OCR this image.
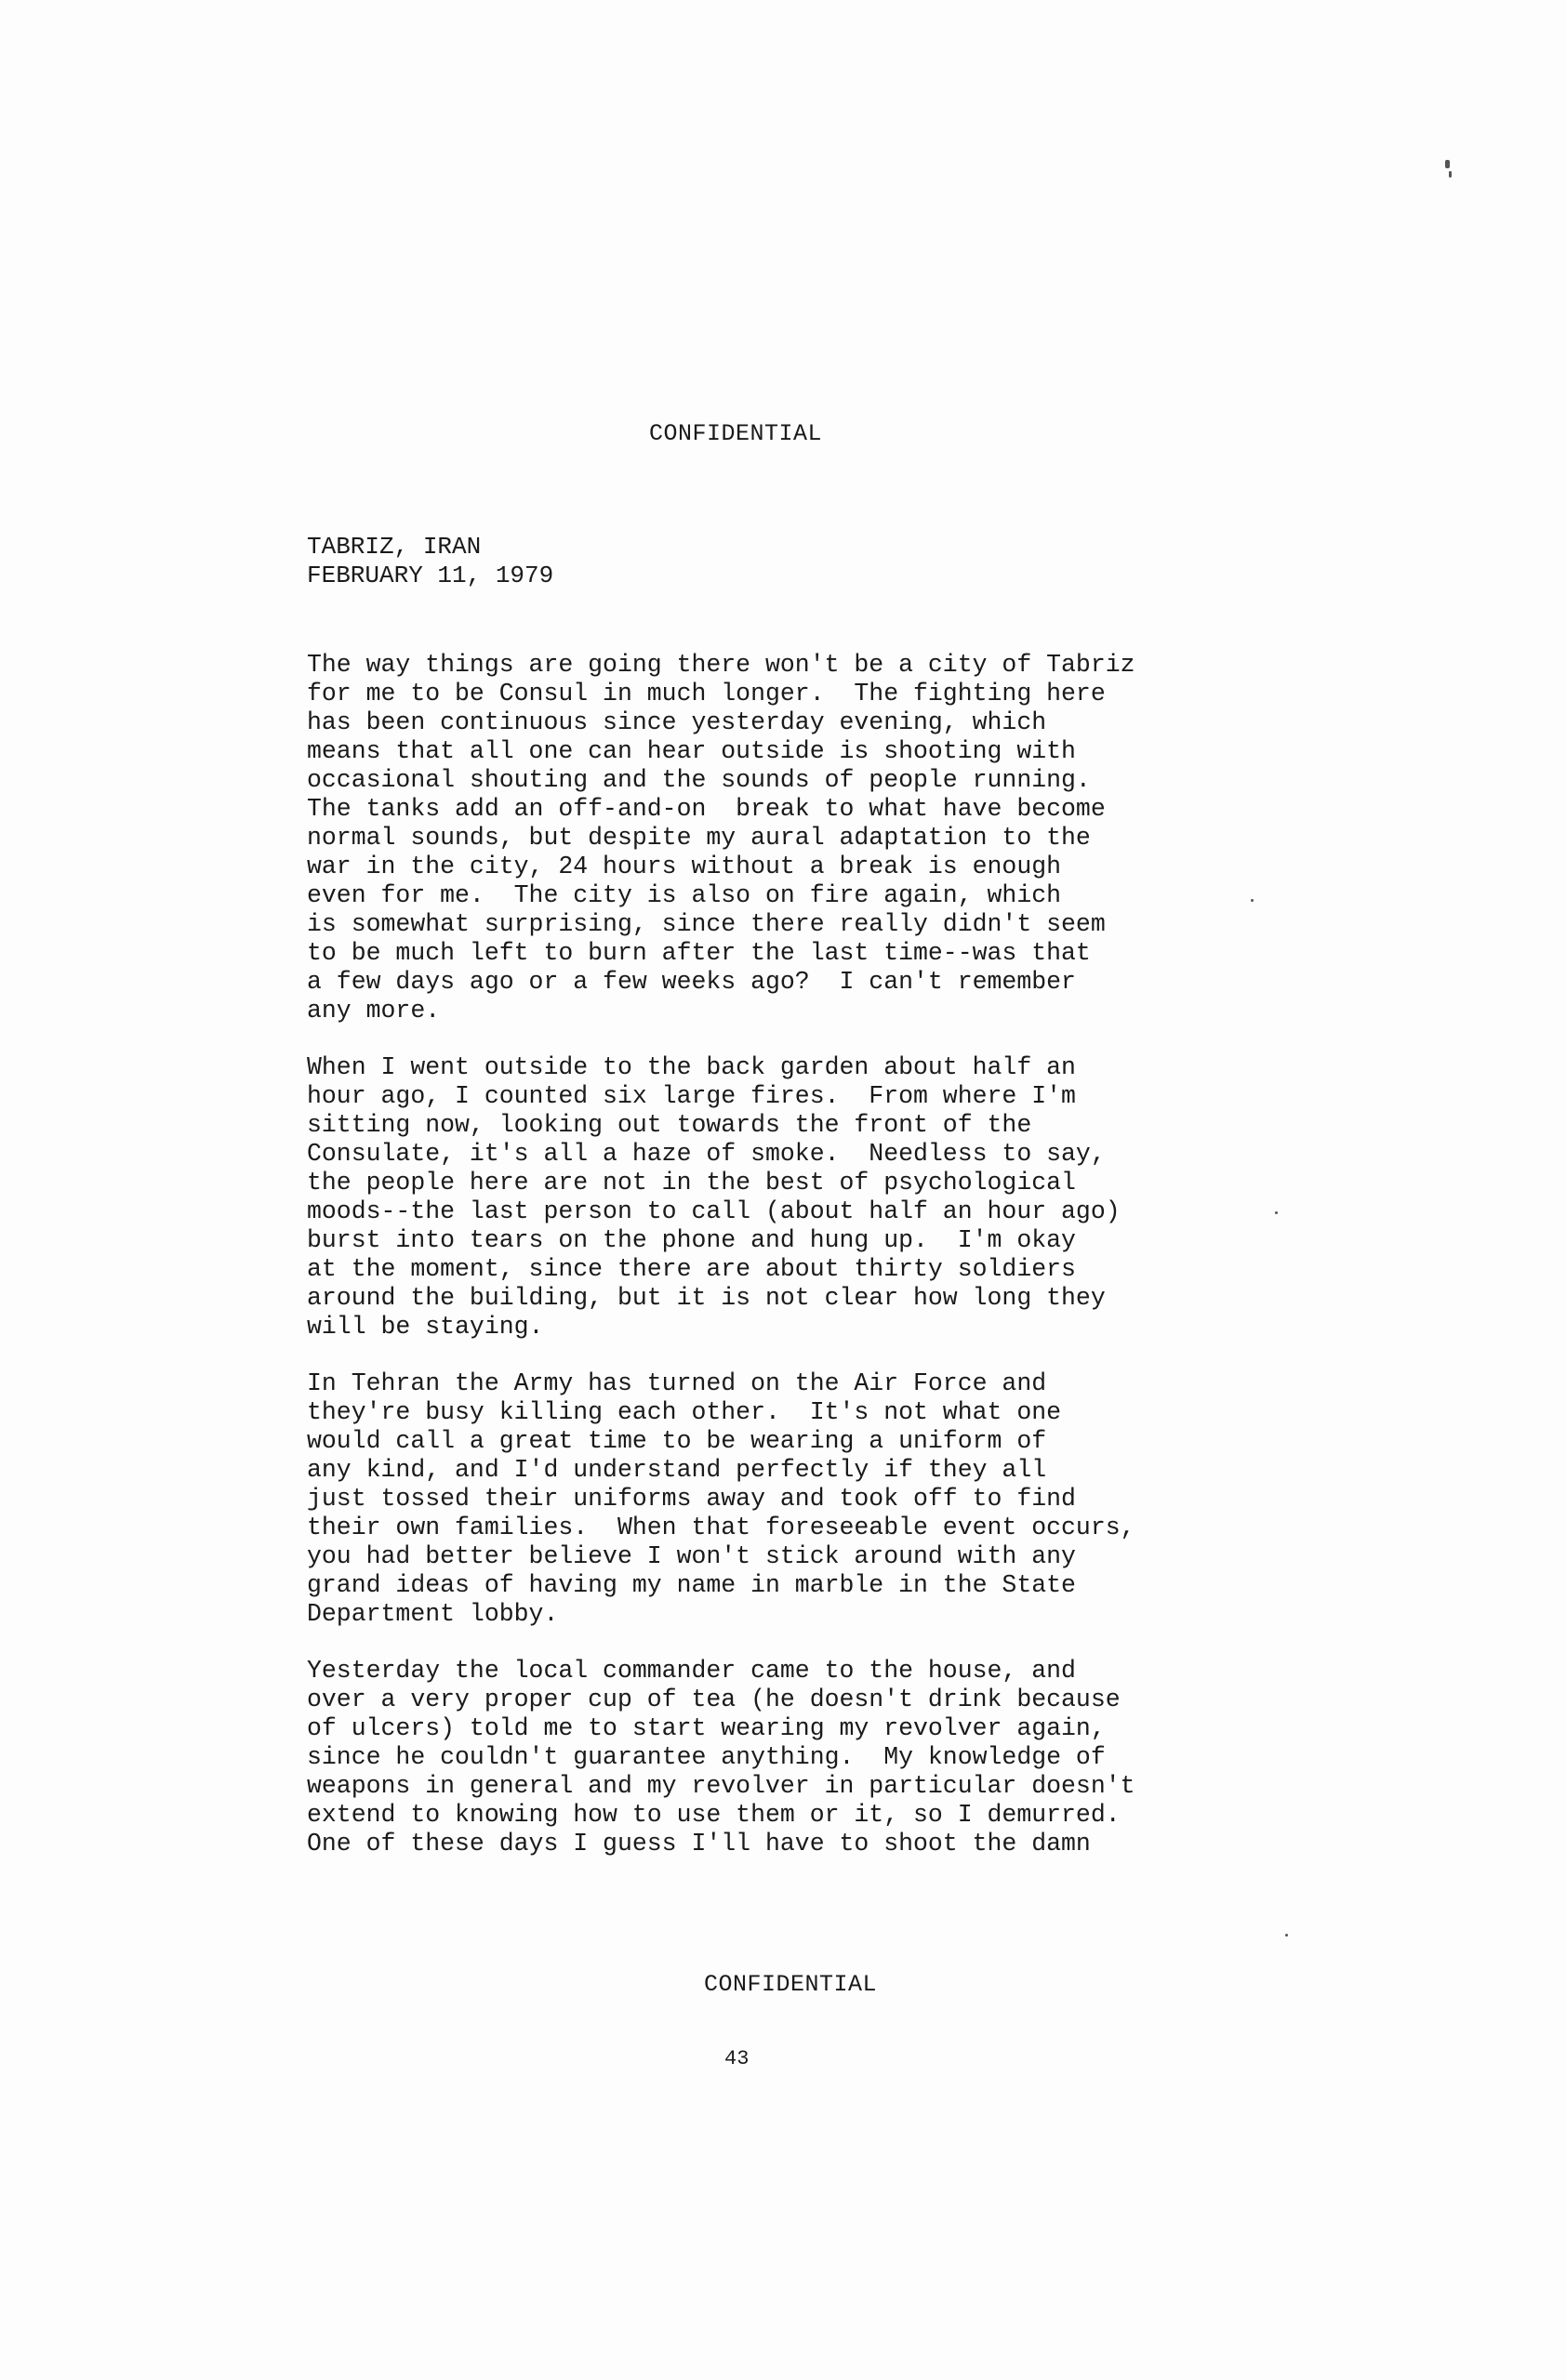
CONFIDENTIAL
TABRIZ, IRAN
FEBRUARY 11, 1979
The way things are going there won't be a city of Tabriz
for me to be Consul in much longer.  The fighting here
has been continuous since yesterday evening, which
means that all one can hear outside is shooting with
occasional shouting and the sounds of people running.
The tanks add an off-and-on  break to what have become
normal sounds, but despite my aural adaptation to the
war in the city, 24 hours without a break is enough
even for me.  The city is also on fire again, which
is somewhat surprising, since there really didn't seem
to be much left to burn after the last time--was that
a few days ago or a few weeks ago?  I can't remember
any more.
When I went outside to the back garden about half an
hour ago, I counted six large fires.  From where I'm
sitting now, looking out towards the front of the
Consulate, it's all a haze of smoke.  Needless to say,
the people here are not in the best of psychological
moods--the last person to call (about half an hour ago)
burst into tears on the phone and hung up.  I'm okay
at the moment, since there are about thirty soldiers
around the building, but it is not clear how long they
will be staying.
In Tehran the Army has turned on the Air Force and
they're busy killing each other.  It's not what one
would call a great time to be wearing a uniform of
any kind, and I'd understand perfectly if they all
just tossed their uniforms away and took off to find
their own families.  When that foreseeable event occurs,
you had better believe I won't stick around with any
grand ideas of having my name in marble in the State
Department lobby.
Yesterday the local commander came to the house, and
over a very proper cup of tea (he doesn't drink because
of ulcers) told me to start wearing my revolver again,
since he couldn't guarantee anything.  My knowledge of
weapons in general and my revolver in particular doesn't
extend to knowing how to use them or it, so I demurred.
One of these days I guess I'll have to shoot the damn
CONFIDENTIAL
43
